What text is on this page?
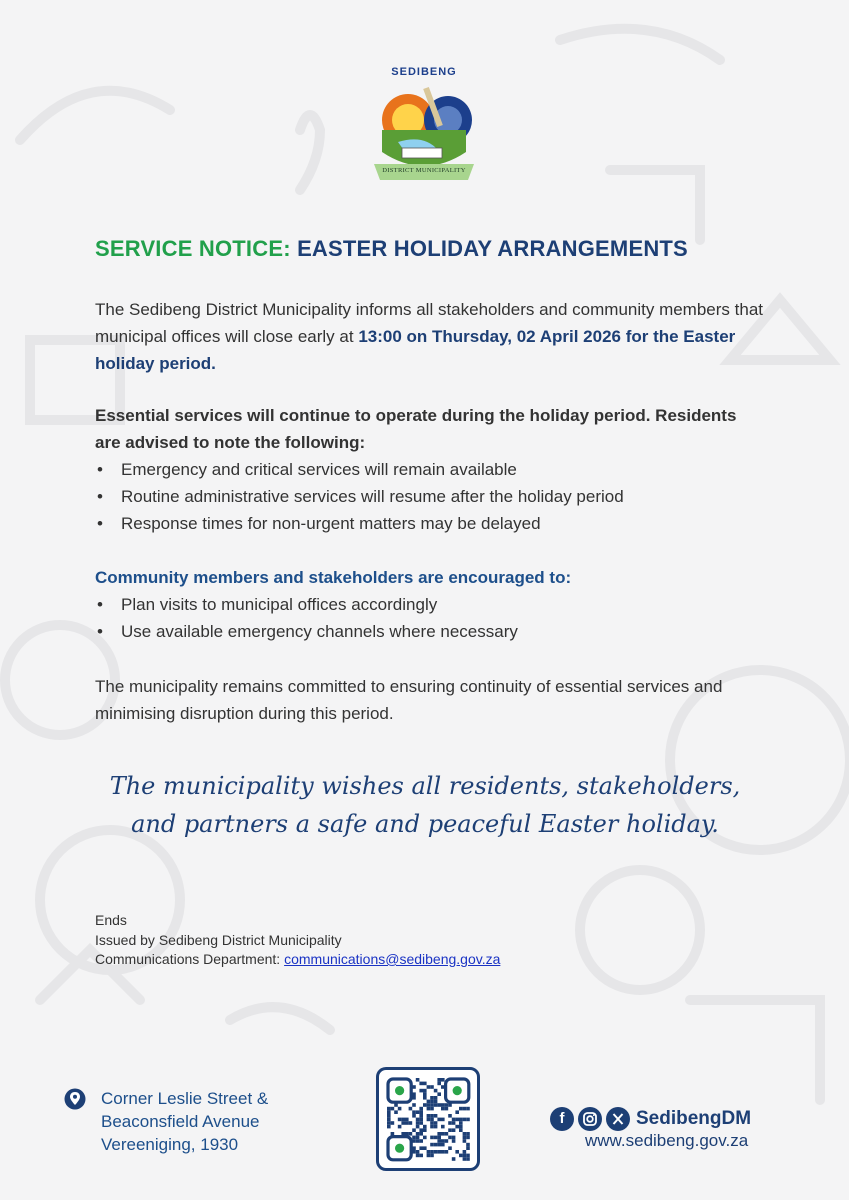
SEDIBENG
DISTRICT MUNICIPALITY
SERVICE NOTICE: EASTER HOLIDAY ARRANGEMENTS
The Sedibeng District Municipality informs all stakeholders and community members that municipal offices will close early at 13:00 on Thursday, 02 April 2026 for the Easter holiday period.
Essential services will continue to operate during the holiday period. Residents are advised to note the following:
• Emergency and critical services will remain available
• Routine administrative services will resume after the holiday period
• Response times for non-urgent matters may be delayed
Community members and stakeholders are encouraged to:
• Plan visits to municipal offices accordingly
• Use available emergency channels where necessary
The municipality remains committed to ensuring continuity of essential services and minimising disruption during this period.
The municipality wishes all residents, stakeholders, and partners a safe and peaceful Easter holiday.
Ends
Issued by Sedibeng District Municipality
Communications Department: communications@sedibeng.gov.za
Corner Leslie Street &
Beaconsfield Avenue
Vereeniging, 1930
f	SedibengDM
www.sedibeng.gov.za
